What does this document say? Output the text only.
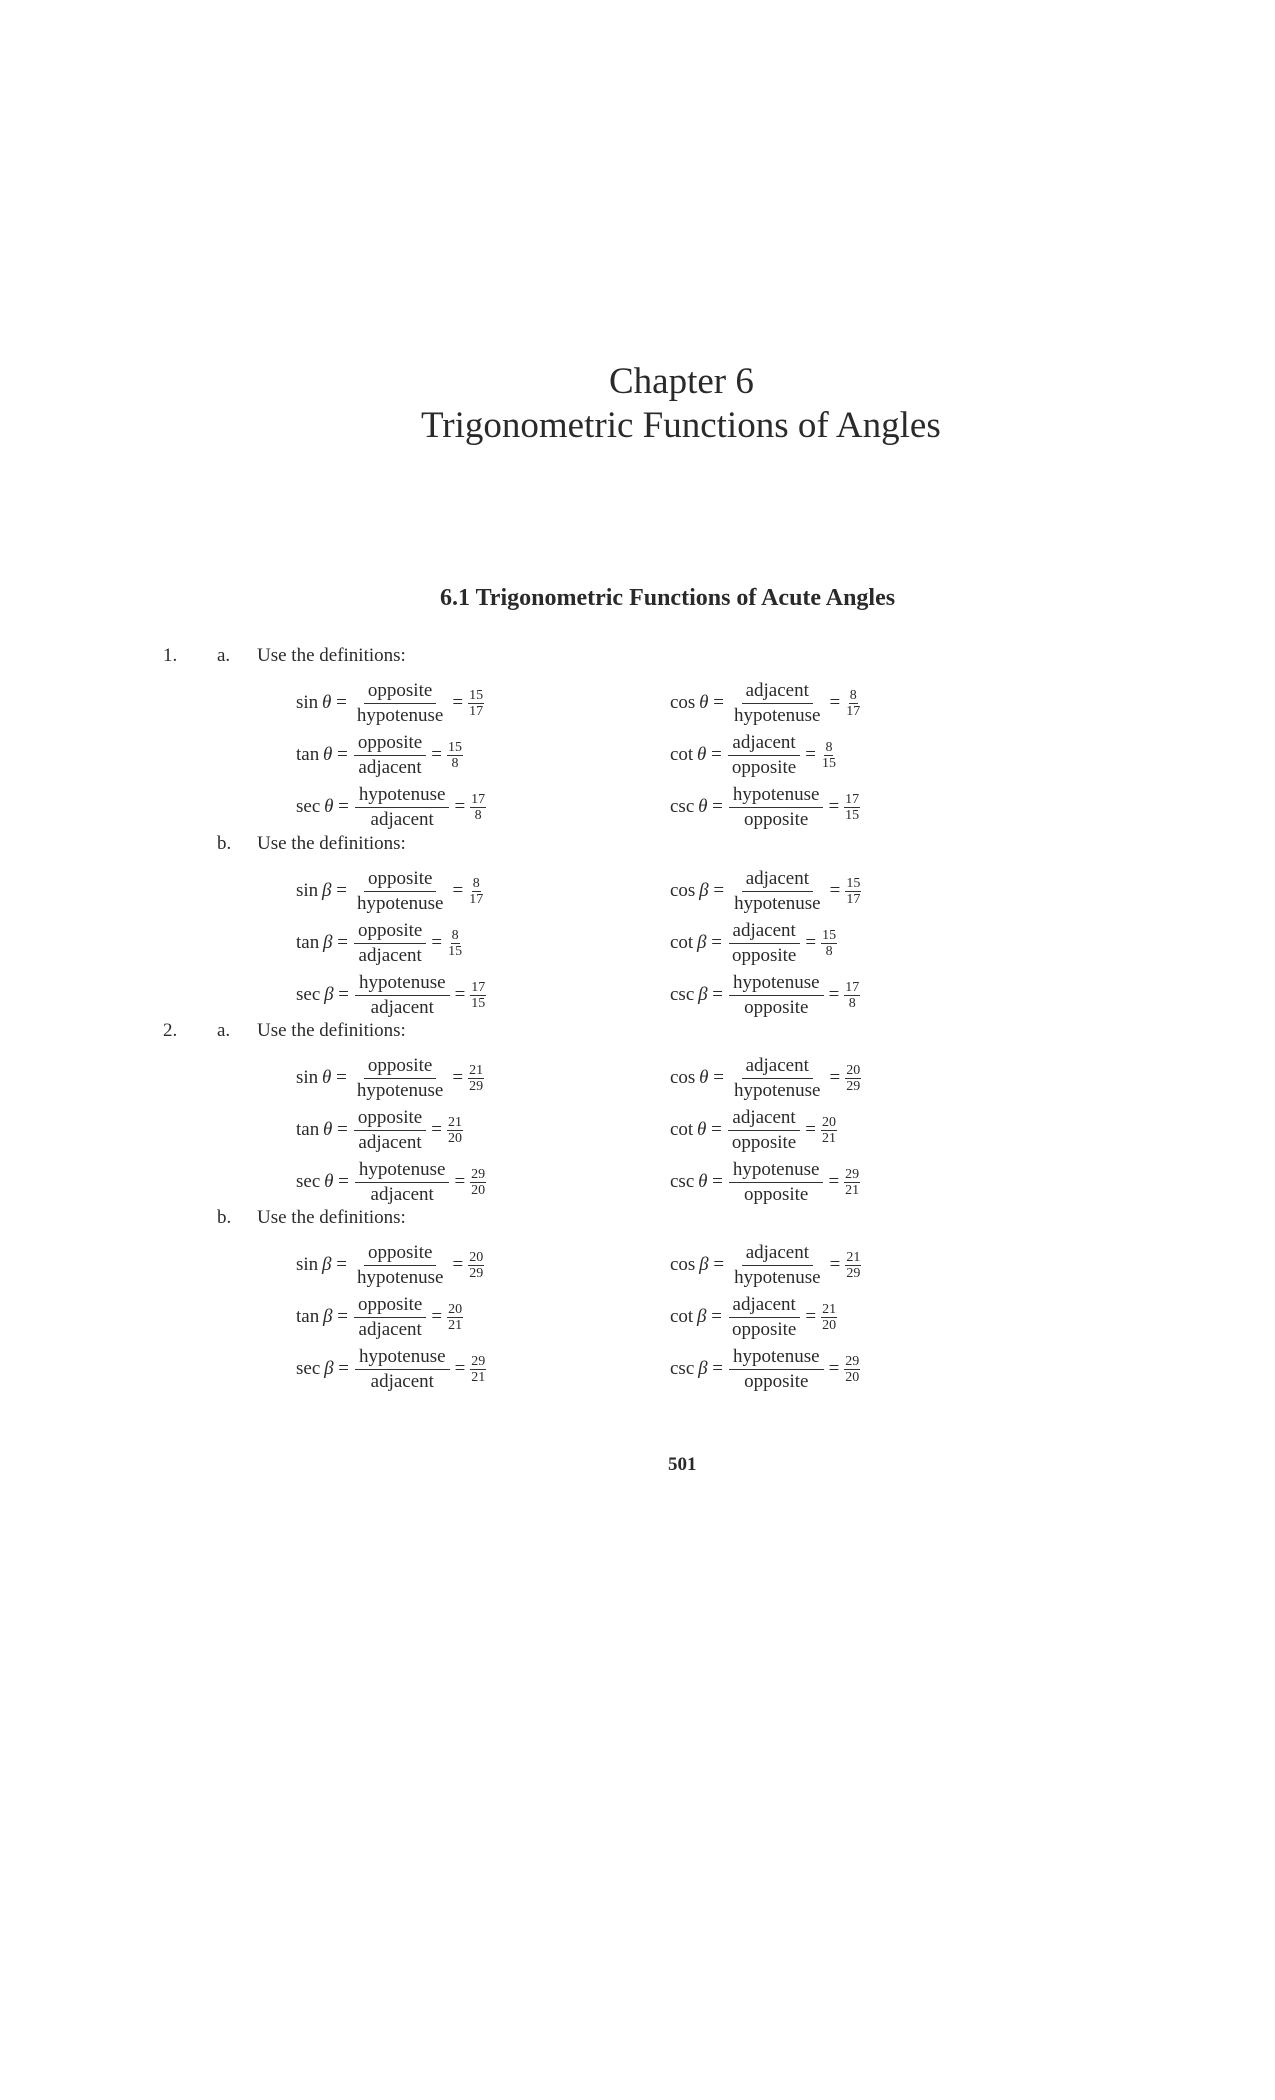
Chapter 6
Trigonometric Functions of Angles
6.1 Trigonometric Functions of Acute Angles
1. a. Use the definitions:
$\sin \theta = \frac{\text{opposite}}{\text{hypotenuse}} = \frac{15}{17}$
$\tan \theta = \frac{\text{opposite}}{\text{adjacent}} = \frac{15}{8}$
$\sec \theta = \frac{\text{hypotenuse}}{\text{adjacent}} = \frac{17}{8}$
$\cos \theta = \frac{\text{adjacent}}{\text{hypotenuse}} = \frac{8}{17}$
$\cot \theta = \frac{\text{adjacent}}{\text{opposite}} = \frac{8}{15}$
$\csc \theta = \frac{\text{hypotenuse}}{\text{opposite}} = \frac{17}{15}$
b. Use the definitions:
$\sin \beta = \frac{\text{opposite}}{\text{hypotenuse}} = \frac{8}{17}$
$\tan \beta = \frac{\text{opposite}}{\text{adjacent}} = \frac{8}{15}$
$\sec \beta = \frac{\text{hypotenuse}}{\text{adjacent}} = \frac{17}{15}$
$\cos \beta = \frac{\text{adjacent}}{\text{hypotenuse}} = \frac{15}{17}$
$\cot \beta = \frac{\text{adjacent}}{\text{opposite}} = \frac{15}{8}$
$\csc \beta = \frac{\text{hypotenuse}}{\text{opposite}} = \frac{17}{8}$
2. a. Use the definitions:
$\sin \theta = \frac{\text{opposite}}{\text{hypotenuse}} = \frac{21}{29}$
$\tan \theta = \frac{\text{opposite}}{\text{adjacent}} = \frac{21}{20}$
$\sec \theta = \frac{\text{hypotenuse}}{\text{adjacent}} = \frac{29}{20}$
$\cos \theta = \frac{\text{adjacent}}{\text{hypotenuse}} = \frac{20}{29}$
$\cot \theta = \frac{\text{adjacent}}{\text{opposite}} = \frac{20}{21}$
$\csc \theta = \frac{\text{hypotenuse}}{\text{opposite}} = \frac{29}{21}$
b. Use the definitions:
$\sin \beta = \frac{\text{opposite}}{\text{hypotenuse}} = \frac{20}{29}$
$\tan \beta = \frac{\text{opposite}}{\text{adjacent}} = \frac{20}{21}$
$\sec \beta = \frac{\text{hypotenuse}}{\text{adjacent}} = \frac{29}{21}$
$\cos \beta = \frac{\text{adjacent}}{\text{hypotenuse}} = \frac{21}{29}$
$\cot \beta = \frac{\text{adjacent}}{\text{opposite}} = \frac{21}{20}$
$\csc \beta = \frac{\text{hypotenuse}}{\text{opposite}} = \frac{29}{20}$
501
